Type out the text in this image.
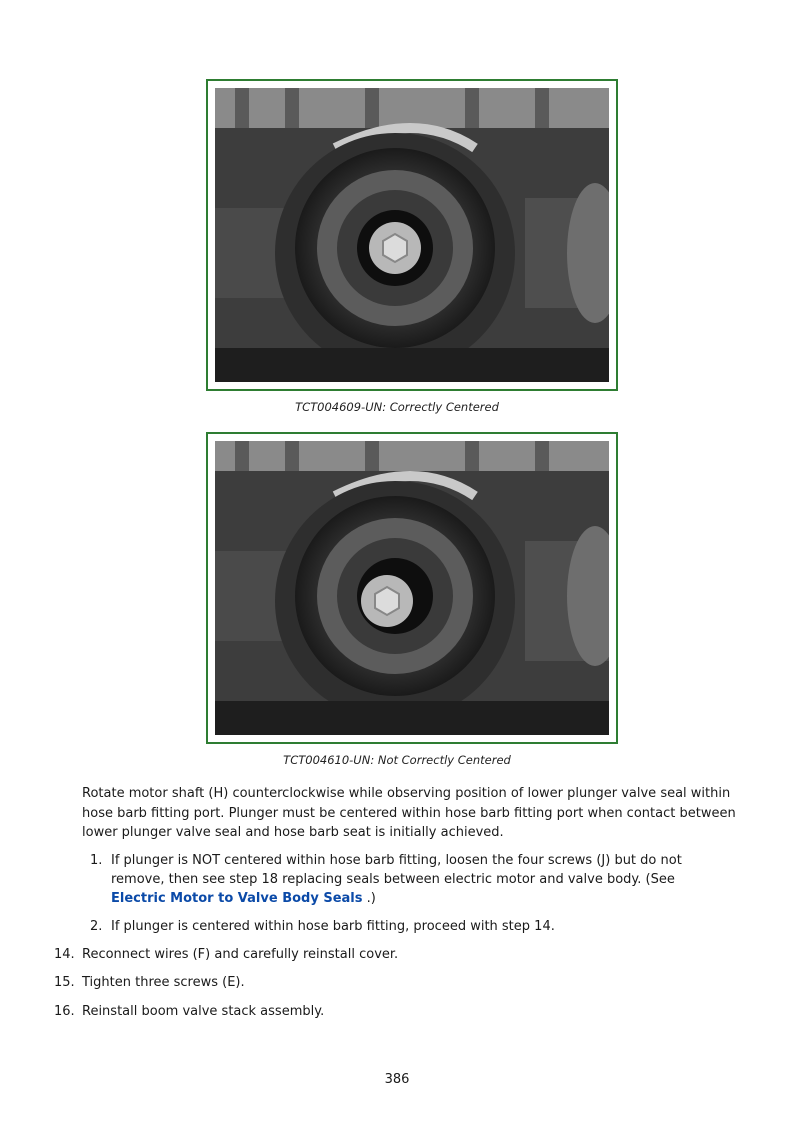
TCT004609-UN: Correctly Centered
TCT004610-UN: Not Correctly Centered
Rotate motor shaft (H) counterclockwise while observing position of lower plunger valve seal within hose barb fitting port. Plunger must be centered within hose barb fitting port when contact between lower plunger valve seal and hose barb seat is initially achieved.
1. If plunger is NOT centered within hose barb fitting, loosen the four screws (J) but do not remove, then see step 18 replacing seals between electric motor and valve body. (See Electric Motor to Valve Body Seals .)
2. If plunger is centered within hose barb fitting, proceed with step 14.
14. Reconnect wires (F) and carefully reinstall cover.
15. Tighten three screws (E).
16. Reinstall boom valve stack assembly.
386
